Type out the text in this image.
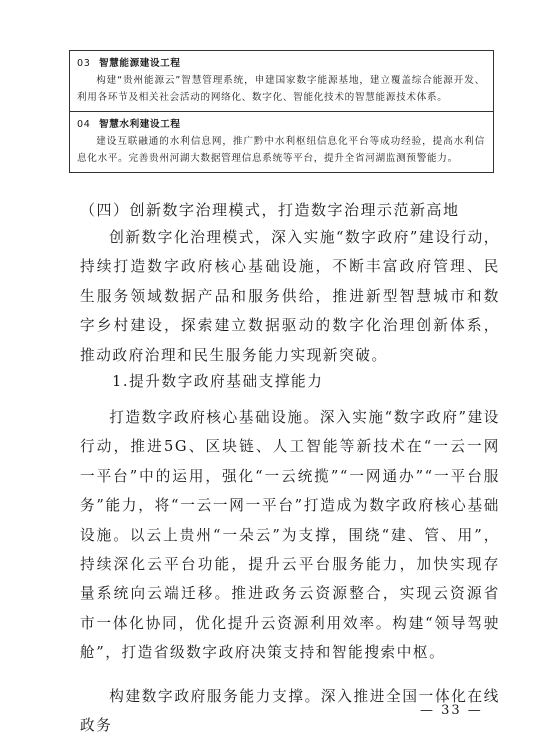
03 智慧能源建设工程
构建“贵州能源云”智慧管理系统，申建国家数字能源基地，建立覆盖综合能源开发、利用各环节及相关社会活动的网络化、数字化、智能化技术的智慧能源技术体系。
04 智慧水利建设工程
建设互联融通的水利信息网，推广黔中水利枢纽信息化平台等成功经验，提高水利信息化水平。完善贵州河湖大数据管理信息系统等平台，提升全省河湖监测预警能力。
（四）创新数字治理模式，打造数字治理示范新高地
创新数字化治理模式，深入实施“数字政府”建设行动，持续打造数字政府核心基础设施，不断丰富政府管理、民生服务领域数据产品和服务供给，推进新型智慧城市和数字乡村建设，探索建立数据驱动的数字化治理创新体系，推动政府治理和民生服务能力实现新突破。
1.提升数字政府基础支撑能力
打造数字政府核心基础设施。深入实施“数字政府”建设行动，推进5G、区块链、人工智能等新技术在“一云一网一平台”中的运用，强化“一云统揽”“一网通办”“一平台服务”能力，将“一云一网一平台”打造成为数字政府核心基础设施。以云上贵州“一朵云”为支撑，围绕“建、管、用”，持续深化云平台功能，提升云平台服务能力，加快实现存量系统向云端迁移。推进政务云资源整合，实现云资源省市一体化协同，优化提升云资源利用效率。构建“领导驾驶舱”，打造省级数字政府决策支持和智能搜索中枢。
构建数字政府服务能力支撑。深入推进全国一体化在线政务
— 33 —
